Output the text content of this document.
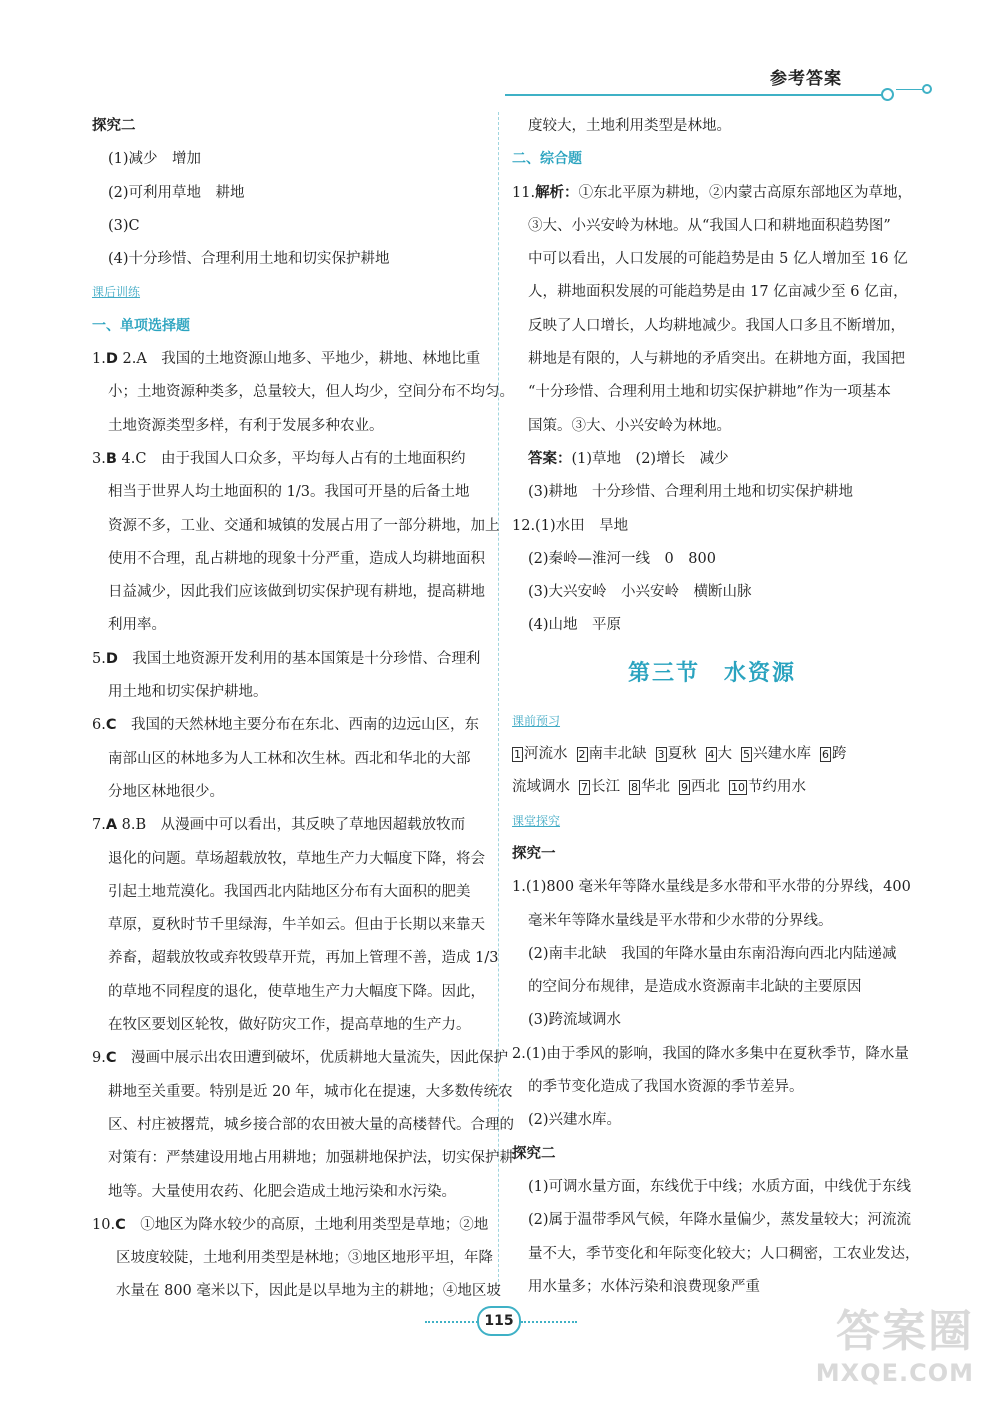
参考答案
探究二
(1)减少　增加
(2)可利用草地　耕地
(3)C
(4)十分珍惜、合理利用土地和切实保护耕地
课后训练
一、单项选择题
1.D 2.A　我国的土地资源山地多、平地少，耕地、林地比重
小；土地资源种类多，总量较大，但人均少，空间分布不均匀。
土地资源类型多样，有利于发展多种农业。
3.B 4.C　由于我国人口众多，平均每人占有的土地面积约
相当于世界人均土地面积的 1/3。我国可开垦的后备土地
资源不多，工业、交通和城镇的发展占用了一部分耕地，加上
使用不合理，乱占耕地的现象十分严重，造成人均耕地面积
日益减少，因此我们应该做到切实保护现有耕地，提高耕地
利用率。
5.D　我国土地资源开发利用的基本国策是十分珍惜、合理利
用土地和切实保护耕地。
6.C　我国的天然林地主要分布在东北、西南的边远山区，东
南部山区的林地多为人工林和次生林。西北和华北的大部
分地区林地很少。
7.A 8.B　从漫画中可以看出，其反映了草地因超载放牧而
退化的问题。草场超载放牧，草地生产力大幅度下降，将会
引起土地荒漠化。我国西北内陆地区分布有大面积的肥美
草原，夏秋时节千里绿海，牛羊如云。但由于长期以来靠天
养畜，超载放牧或弃牧毁草开荒，再加上管理不善，造成 1/3
的草地不同程度的退化，使草地生产力大幅度下降。因此，
在牧区要划区轮牧，做好防灾工作，提高草地的生产力。
9.C　漫画中展示出农田遭到破坏，优质耕地大量流失，因此保护
耕地至关重要。特别是近 20 年，城市化在提速，大多数传统农
区、村庄被撂荒，城乡接合部的农田被大量的高楼替代。合理的
对策有：严禁建设用地占用耕地；加强耕地保护法，切实保护耕
地等。大量使用农药、化肥会造成土地污染和水污染。
10.C　①地区为降水较少的高原，土地利用类型是草地；②地
区坡度较陡，土地利用类型是林地；③地区地形平坦，年降
水量在 800 毫米以下，因此是以旱地为主的耕地；④地区坡
度较大，土地利用类型是林地。
二、综合题
11.解析：①东北平原为耕地，②内蒙古高原东部地区为草地，
③大、小兴安岭为林地。从“我国人口和耕地面积趋势图”
中可以看出，人口发展的可能趋势是由 5 亿人增加至 16 亿
人，耕地面积发展的可能趋势是由 17 亿亩减少至 6 亿亩，
反映了人口增长，人均耕地减少。我国人口多且不断增加，
耕地是有限的，人与耕地的矛盾突出。在耕地方面，我国把
“十分珍惜、合理利用土地和切实保护耕地”作为一项基本
国策。③大、小兴安岭为林地。
答案：(1)草地　(2)增长　减少
(3)耕地　十分珍惜、合理利用土地和切实保护耕地
12.(1)水田　旱地
(2)秦岭—淮河一线　0　800
(3)大兴安岭　小兴安岭　横断山脉
(4)山地　平原
第三节　水资源
课前预习
1 河流水 2 南丰北缺 3 夏秋 4 大 5 兴建水库 6 跨
流域调水 7 长江 8 华北 9 西北 10 节约用水
课堂探究
探究一
1.(1)800 毫米年等降水量线是多水带和平水带的分界线，400
毫米年等降水量线是平水带和少水带的分界线。
(2)南丰北缺　我国的年降水量由东南沿海向西北内陆递减
的空间分布规律，是造成水资源南丰北缺的主要原因
(3)跨流域调水
2.(1)由于季风的影响，我国的降水多集中在夏秋季节，降水量
的季节变化造成了我国水资源的季节差异。
(2)兴建水库。
探究二
(1)可调水量方面，东线优于中线；水质方面，中线优于东线
(2)属于温带季风气候，年降水量偏少，蒸发量较大；河流流
量不大，季节变化和年际变化较大；人口稠密，工农业发达，
用水量多；水体污染和浪费现象严重
115	答案圈
MXQE.COM
